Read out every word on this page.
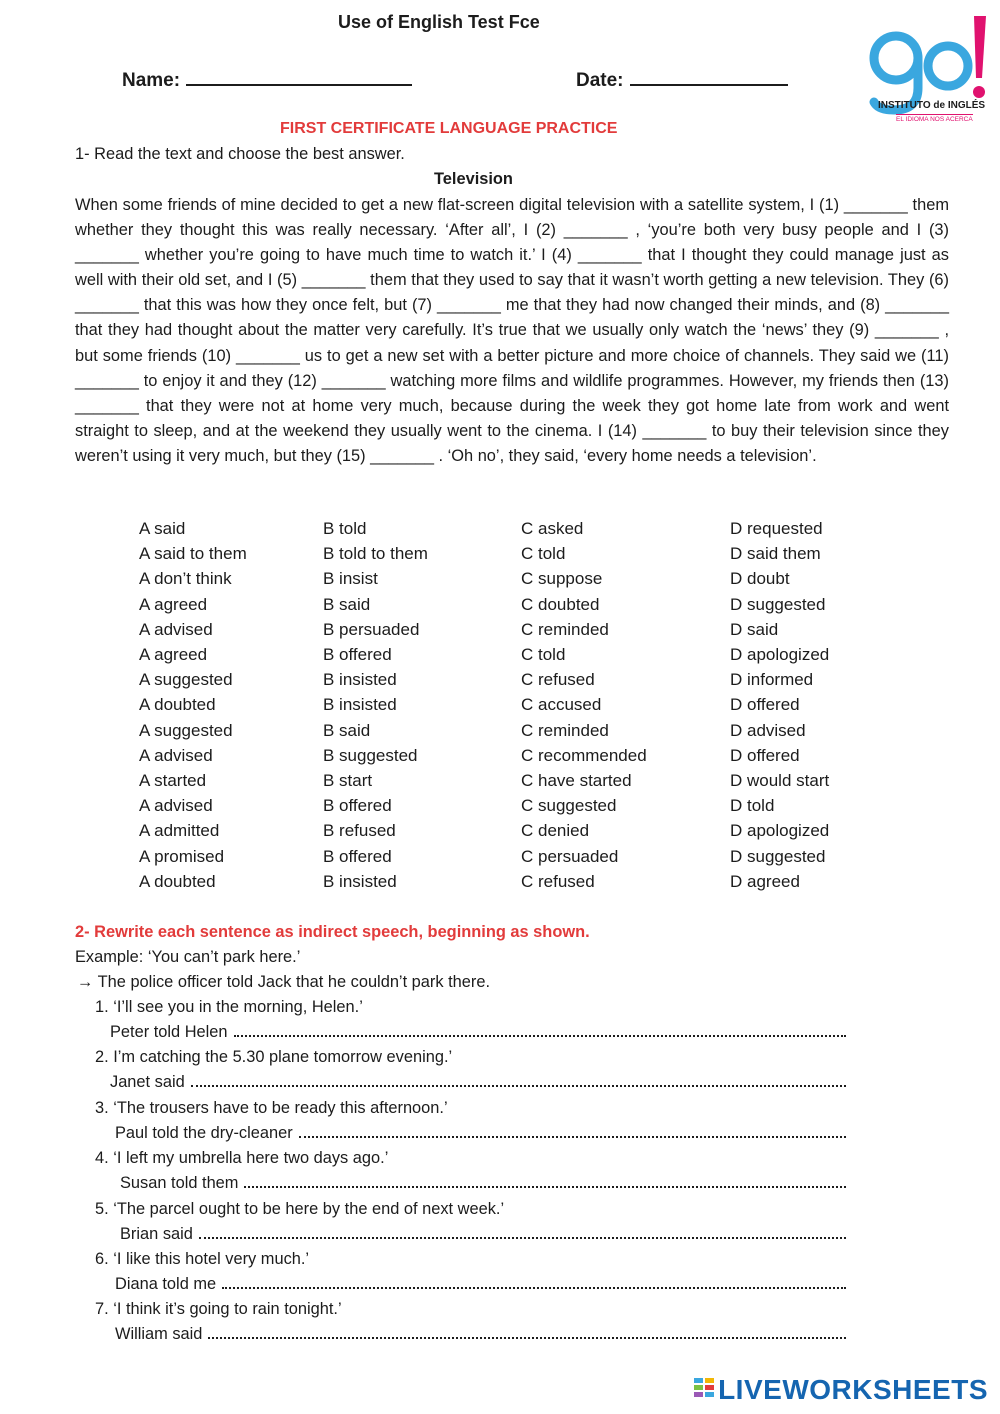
Use of English Test Fce
Name:	Date:
INSTITUTO de INGLÉS
EL IDIOMA NOS ACERCA
FIRST CERTIFICATE LANGUAGE PRACTICE
1- Read the text and choose the best answer.
Television
When some friends of mine decided to get a new flat-screen digital television with a satellite system, I (1) _______ them whether they thought this was really necessary. ‘After all’, I (2) _______ , ‘you’re both very busy people and I (3) _______ whether you’re going to have much time to watch it.’ I (4) _______ that I thought they could manage just as well with their old set, and I (5) _______ them that they used to say that it wasn’t worth getting a new television. They (6) _______ that this was how they once felt, but (7) _______ me that they had now changed their minds, and (8) _______ that they had thought about the matter very carefully. It’s true that we usually only watch the ‘news’ they (9) _______ , but some friends (10) _______ us to get a new set with a better picture and more choice of channels. They said we (11) _______ to enjoy it and they (12) _______ watching more films and wildlife programmes. However, my friends then (13) _______ that they were not at home very much, because during the week they got home late from work and went straight to sleep, and at the weekend they usually went to the cinema. I (14) _______ to buy their television since they weren’t using it very much, but they (15) _______ . ‘Oh no’, they said, ‘every home needs a television’.
A said	B told	C asked	D requested
A said to them	B told to them	C told	D said them
A don’t think	B insist	C suppose	D doubt
A agreed	B said	C doubted	D suggested
A advised	B persuaded	C reminded	D said
A agreed	B offered	C told	D apologized
A suggested	B insisted	C refused	D informed
A doubted	B insisted	C accused	D offered
A suggested	B said	C reminded	D advised
A advised	B suggested	C recommended	D offered
A started	B start	C have started	D would start
A advised	B offered	C suggested	D told
A admitted	B refused	C denied	D apologized
A promised	B offered	C persuaded	D suggested
A doubted	B insisted	C refused	D agreed
2- Rewrite each sentence as indirect speech, beginning as shown.
Example: ‘You can’t park here.’
→ The police officer told Jack that he couldn’t park there.
1. ‘I’ll see you in the morning, Helen.’
Peter told Helen
2. I’m catching the 5.30 plane tomorrow evening.’
Janet said
3. ‘The trousers have to be ready this afternoon.’
Paul told the dry-cleaner
4. ‘I left my umbrella here two days ago.’
Susan told them
5. ‘The parcel ought to be here by the end of next week.’
Brian said
6. ‘I like this hotel very much.’
Diana told me
7. ‘I think it’s going to rain tonight.’
William said
LIVEWORKSHEETS
